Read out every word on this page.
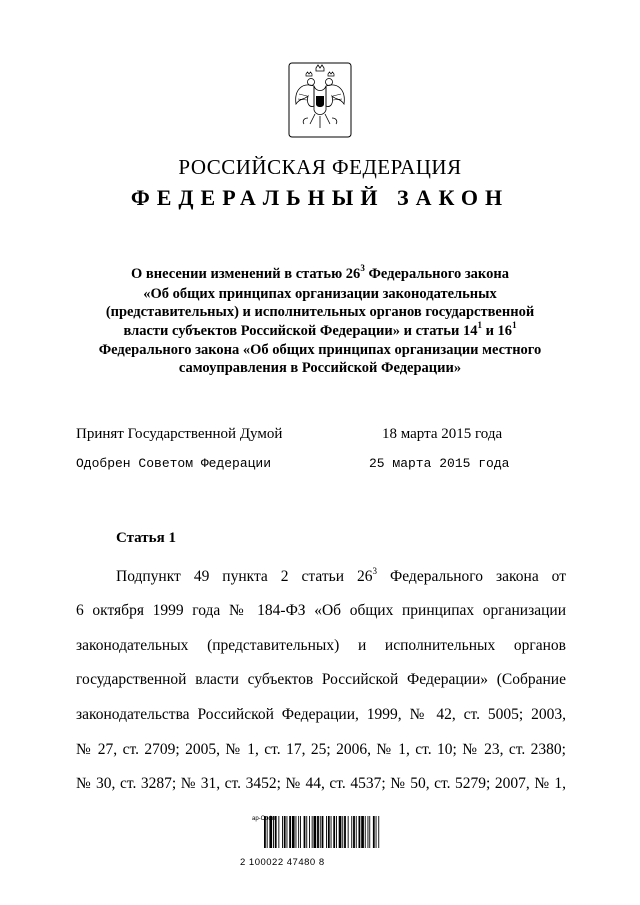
РОССИЙСКАЯ ФЕДЕРАЦИЯ
ФЕДЕРАЛЬНЫЙ ЗАКОН
О внесении изменений в статью $26^3$ Федерального закона
«Об общих принципах организации законодательных
(представительных) и исполнительных органов государственной
власти субъектов Российской Федерации» и статьи $14^1$ и $16^1$
Федерального закона «Об общих принципах организации местного
самоуправления в Российской Федерации»
Принят Государственной Думой	18 марта 2015 года
Одобрен Советом Федерации	25 марта 2015 года
Статья 1
Подпункт 49 пункта 2 статьи $26^3$ Федерального закона от
6 октября 1999 года № 184-ФЗ «Об общих принципах организации
законодательных (представительных) и исполнительных органов
государственной власти субъектов Российской Федерации» (Собрание
законодательства Российской Федерации, 1999, № 42, ст. 5005; 2003,
№ 27, ст. 2709; 2005, № 1, ст. 17, 25; 2006, № 1, ст. 10; № 23, ст. 2380;
№ 30, ст. 3287; № 31, ст. 3452; № 44, ст. 4537; № 50, ст. 5279; 2007, № 1,
ар-Софт
2 100022 47480 8
